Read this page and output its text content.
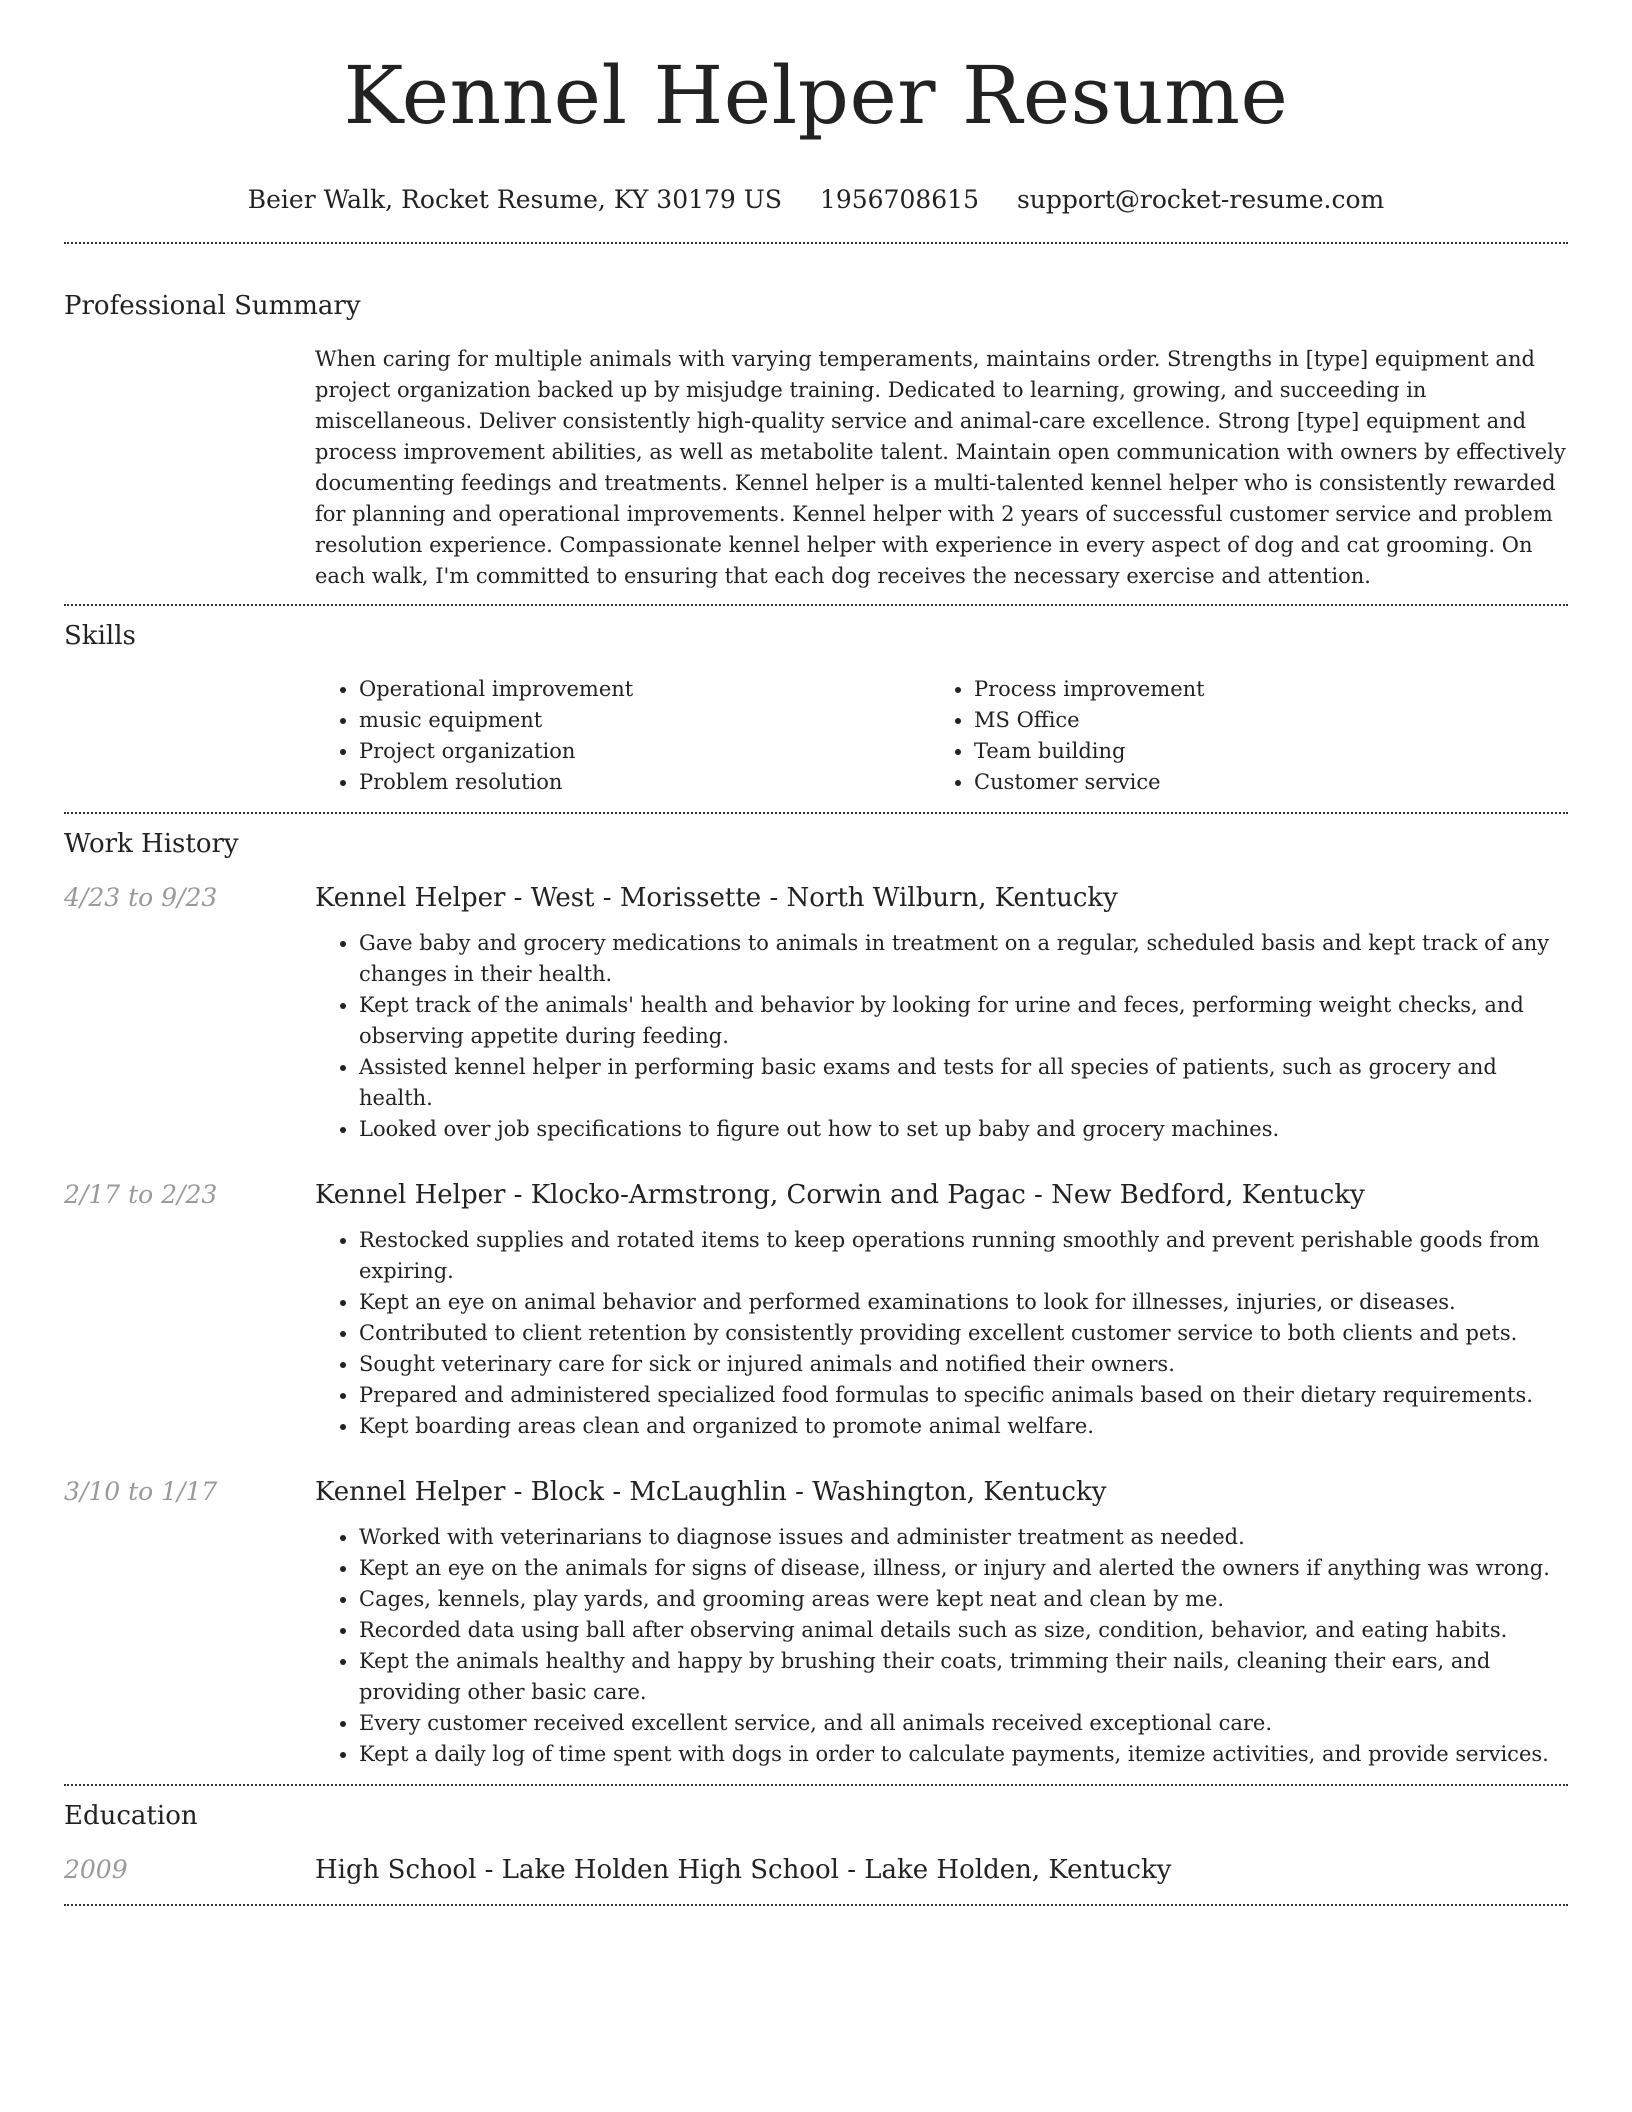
Kennel Helper Resume
Beier Walk, Rocket Resume, KY 30179 US 1956708615 support@rocket-resume.com
Professional Summary
When caring for multiple animals with varying temperaments, maintains order. Strengths in [type] equipment and project organization backed up by misjudge training. Dedicated to learning, growing, and succeeding in miscellaneous. Deliver consistently high-quality service and animal-care excellence. Strong [type] equipment and process improvement abilities, as well as metabolite talent. Maintain open communication with owners by effectively documenting feedings and treatments. Kennel helper is a multi-talented kennel helper who is consistently rewarded for planning and operational improvements. Kennel helper with 2 years of successful customer service and problem resolution experience. Compassionate kennel helper with experience in every aspect of dog and cat grooming. On each walk, I'm committed to ensuring that each dog receives the necessary exercise and attention.
Skills
• Operational improvement
• music equipment
• Project organization
• Problem resolution
• Process improvement
• MS Office
• Team building
• Customer service
Work History
4/23 to 9/23	Kennel Helper - West - Morissette - North Wilburn, Kentucky
• Gave baby and grocery medications to animals in treatment on a regular, scheduled basis and kept track of any changes in their health.
• Kept track of the animals' health and behavior by looking for urine and feces, performing weight checks, and observing appetite during feeding.
• Assisted kennel helper in performing basic exams and tests for all species of patients, such as grocery and health.
• Looked over job specifications to figure out how to set up baby and grocery machines.
2/17 to 2/23	Kennel Helper - Klocko-Armstrong, Corwin and Pagac - New Bedford, Kentucky
• Restocked supplies and rotated items to keep operations running smoothly and prevent perishable goods from expiring.
• Kept an eye on animal behavior and performed examinations to look for illnesses, injuries, or diseases.
• Contributed to client retention by consistently providing excellent customer service to both clients and pets.
• Sought veterinary care for sick or injured animals and notified their owners.
• Prepared and administered specialized food formulas to specific animals based on their dietary requirements.
• Kept boarding areas clean and organized to promote animal welfare.
3/10 to 1/17	Kennel Helper - Block - McLaughlin - Washington, Kentucky
• Worked with veterinarians to diagnose issues and administer treatment as needed.
• Kept an eye on the animals for signs of disease, illness, or injury and alerted the owners if anything was wrong.
• Cages, kennels, play yards, and grooming areas were kept neat and clean by me.
• Recorded data using ball after observing animal details such as size, condition, behavior, and eating habits.
• Kept the animals healthy and happy by brushing their coats, trimming their nails, cleaning their ears, and providing other basic care.
• Every customer received excellent service, and all animals received exceptional care.
• Kept a daily log of time spent with dogs in order to calculate payments, itemize activities, and provide services.
Education
2009	High School - Lake Holden High School - Lake Holden, Kentucky
